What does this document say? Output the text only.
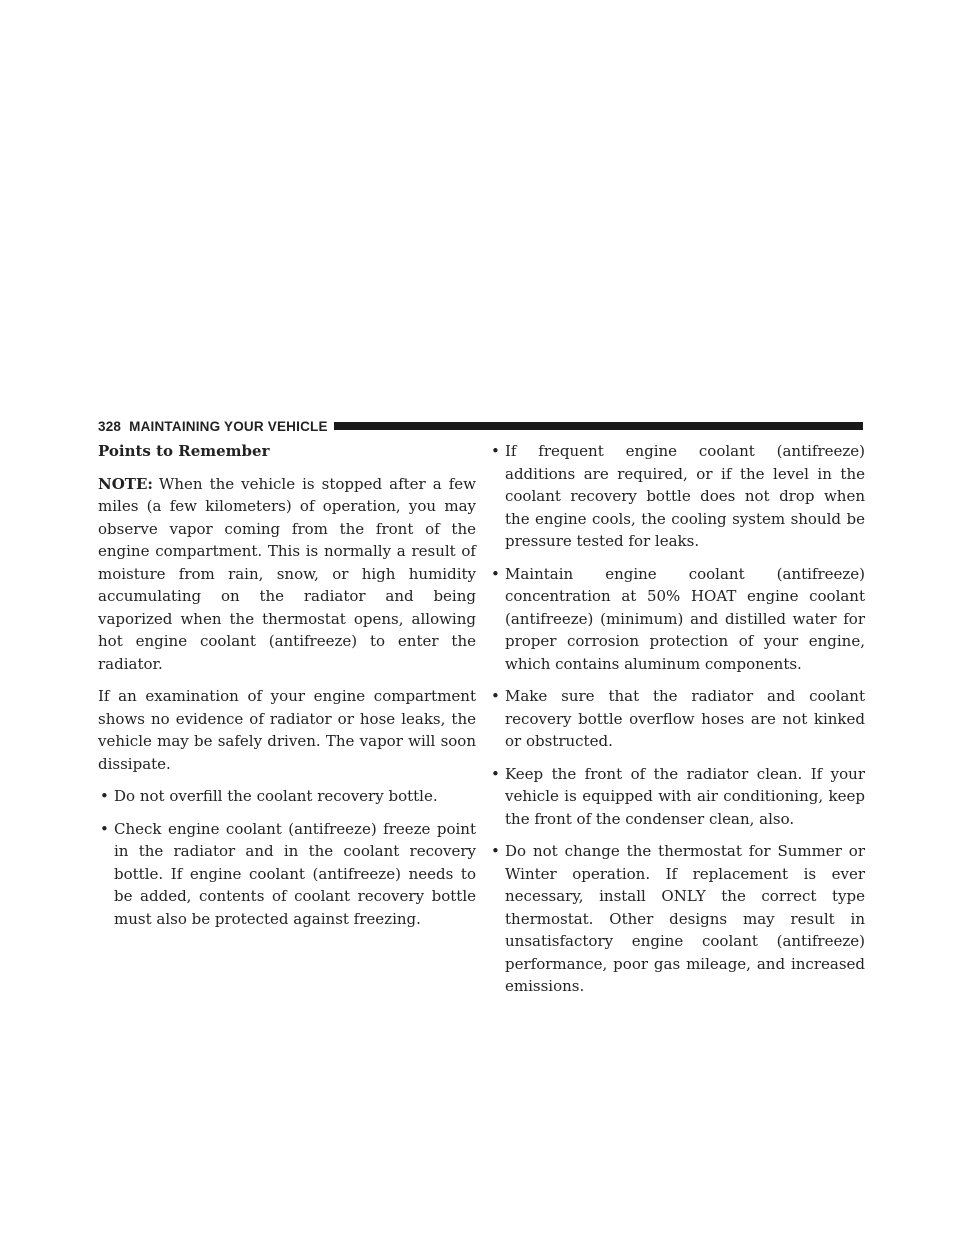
328 MAINTAINING YOUR VEHICLE
Points to Remember

NOTE: When the vehicle is stopped after a few miles (a few kilometers) of operation, you may observe vapor coming from the front of the engine compartment. This is normally a result of moisture from rain, snow, or high humidity accumulating on the radiator and being vaporized when the thermostat opens, allowing hot engine coolant (antifreeze) to enter the radiator.

If an examination of your engine compartment shows no evidence of radiator or hose leaks, the vehicle may be safely driven. The vapor will soon dissipate.

• Do not overfill the coolant recovery bottle.
• Check engine coolant (antifreeze) freeze point in the radiator and in the coolant recovery bottle. If engine coolant (antifreeze) needs to be added, contents of coolant recovery bottle must also be protected against freezing.
• If frequent engine coolant (antifreeze) additions are required, or if the level in the coolant recovery bottle does not drop when the engine cools, the cooling system should be pressure tested for leaks.
• Maintain engine coolant (antifreeze) concentration at 50% HOAT engine coolant (antifreeze) (minimum) and distilled water for proper corrosion protection of your engine, which contains aluminum components.
• Make sure that the radiator and coolant recovery bottle overflow hoses are not kinked or obstructed.
• Keep the front of the radiator clean. If your vehicle is equipped with air conditioning, keep the front of the condenser clean, also.
• Do not change the thermostat for Summer or Winter operation. If replacement is ever necessary, install ONLY the correct type thermostat. Other designs may result in unsatisfactory engine coolant (antifreeze) performance, poor gas mileage, and increased emissions.
